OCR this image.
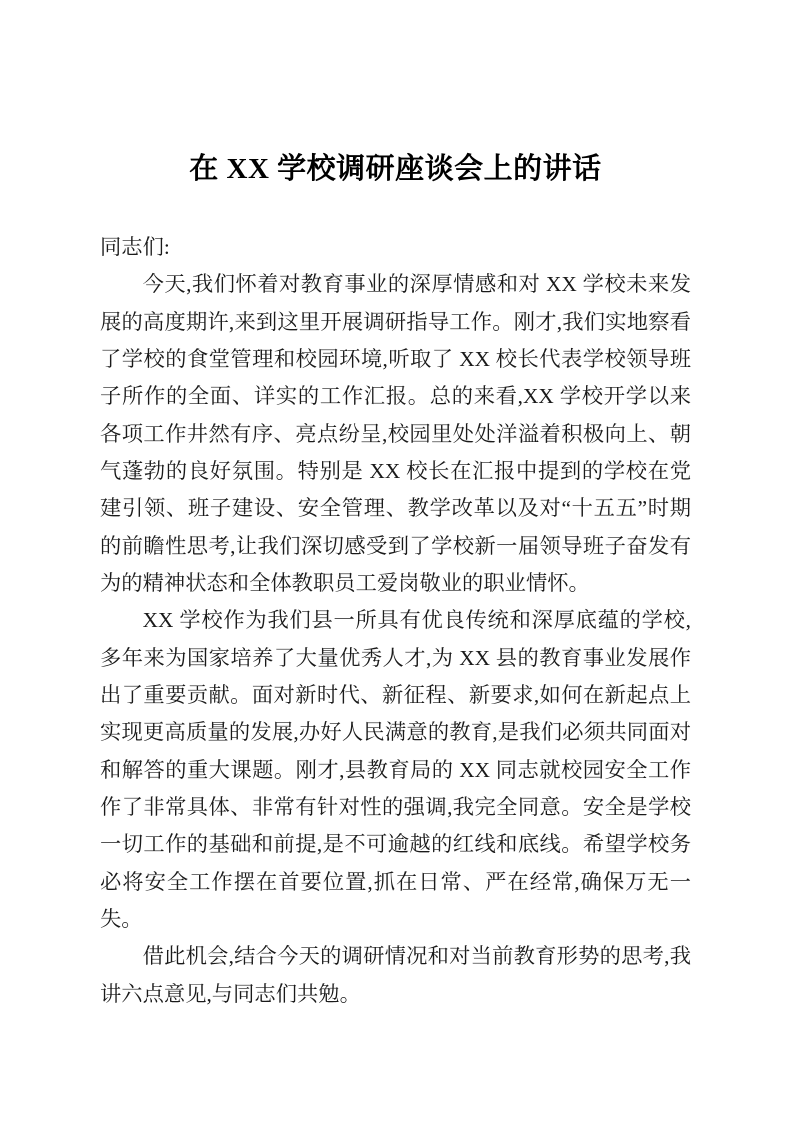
在 XX 学校调研座谈会上的讲话

同志们:

今天,我们怀着对教育事业的深厚情感和对 XX 学校未来发展的高度期许,来到这里开展调研指导工作。刚才,我们实地察看了学校的食堂管理和校园环境,听取了 XX 校长代表学校领导班子所作的全面、详实的工作汇报。总的来看,XX 学校开学以来各项工作井然有序、亮点纷呈,校园里处处洋溢着积极向上、朝气蓬勃的良好氛围。特别是 XX 校长在汇报中提到的学校在党建引领、班子建设、安全管理、教学改革以及对“十五五”时期的前瞻性思考,让我们深切感受到了学校新一届领导班子奋发有为的精神状态和全体教职员工爱岗敬业的职业情怀。

XX 学校作为我们县一所具有优良传统和深厚底蕴的学校,多年来为国家培养了大量优秀人才,为 XX 县的教育事业发展作出了重要贡献。面对新时代、新征程、新要求,如何在新起点上实现更高质量的发展,办好人民满意的教育,是我们必须共同面对和解答的重大课题。刚才,县教育局的 XX 同志就校园安全工作作了非常具体、非常有针对性的强调,我完全同意。安全是学校一切工作的基础和前提,是不可逾越的红线和底线。希望学校务必将安全工作摆在首要位置,抓在日常、严在经常,确保万无一失。

借此机会,结合今天的调研情况和对当前教育形势的思考,我讲六点意见,与同志们共勉。
